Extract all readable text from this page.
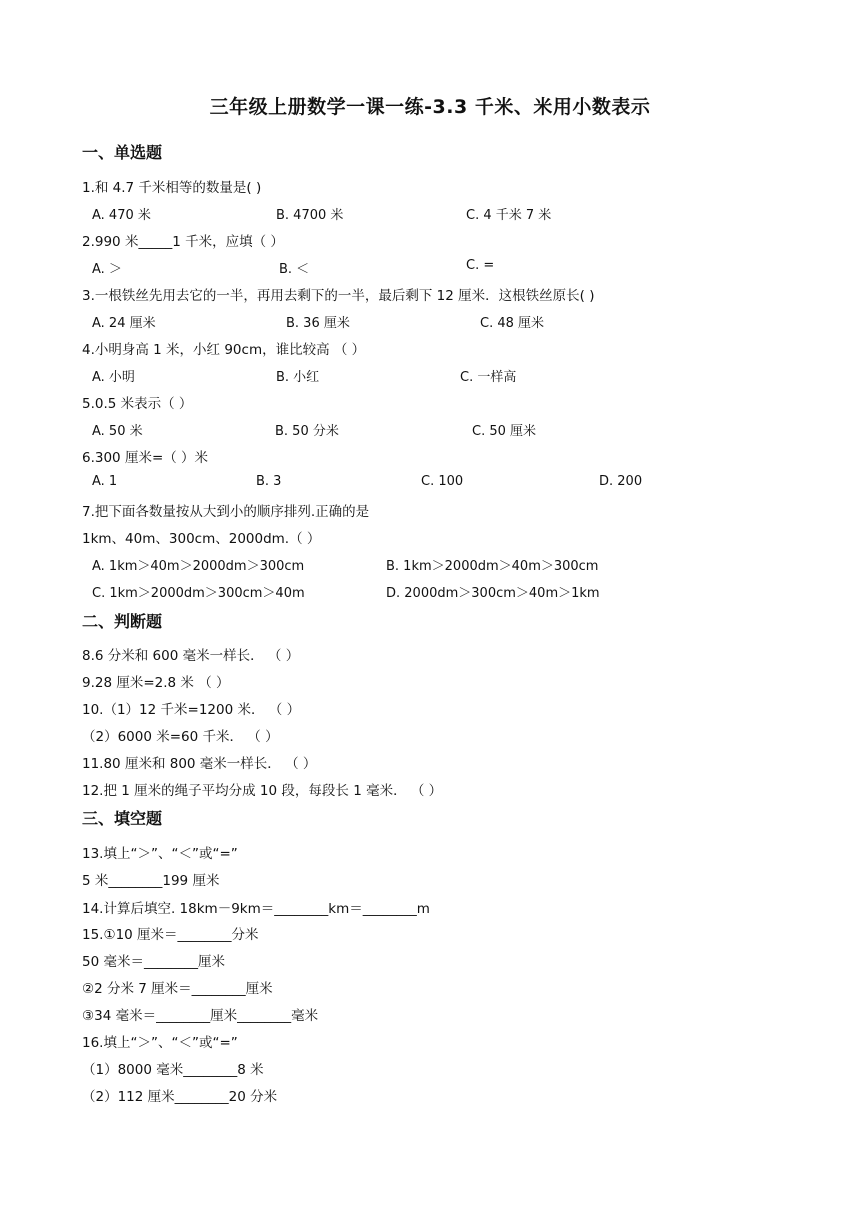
三年级上册数学一课一练-3.3 千米、米用小数表示
一、单选题
1.和 4.7 千米相等的数量是( )
A. 470 米	B. 4700 米	C. 4 千米 7 米
2.990 米_____1 千米，应填（ ）
A. ＞	B. ＜	C. =
3.一根铁丝先用去它的一半，再用去剩下的一半，最后剩下 12 厘米．这根铁丝原长( )
A. 24 厘米	B. 36 厘米	C. 48 厘米
4.小明身高 1 米，小红 90cm，谁比较高 （ ）
A. 小明	B. 小红	C. 一样高
5.0.5 米表示（ ）
A. 50 米	B. 50 分米	C. 50 厘米
6.300 厘米=（ ）米
A. 1	B. 3	C. 100	D. 200
7.把下面各数量按从大到小的顺序排列.正确的是
1km、40m、300cm、2000dm.（ ）
A. 1km＞40m＞2000dm＞300cm	B. 1km＞2000dm＞40m＞300cm
C. 1km＞2000dm＞300cm＞40m	D. 2000dm＞300cm＞40m＞1km
二、判断题
8.6 分米和 600 毫米一样长． （ ）
9.28 厘米=2.8 米 （ ）
10.（1）12 千米=1200 米． （ ）
（2）6000 米=60 千米． （ ）
11.80 厘米和 800 毫米一样长． （ ）
12.把 1 厘米的绳子平均分成 10 段，每段长 1 毫米． （ ）
三、填空题
13.填上“＞”、“＜”或“=”
5 米________199 厘米
14.计算后填空. 18km－9km＝________km＝________m
15.①10 厘米＝________分米
50 毫米＝________厘米
②2 分米 7 厘米＝________厘米
③34 毫米＝________厘米________毫米
16.填上“＞”、“＜”或“=”
（1）8000 毫米________8 米
（2）112 厘米________20 分米
